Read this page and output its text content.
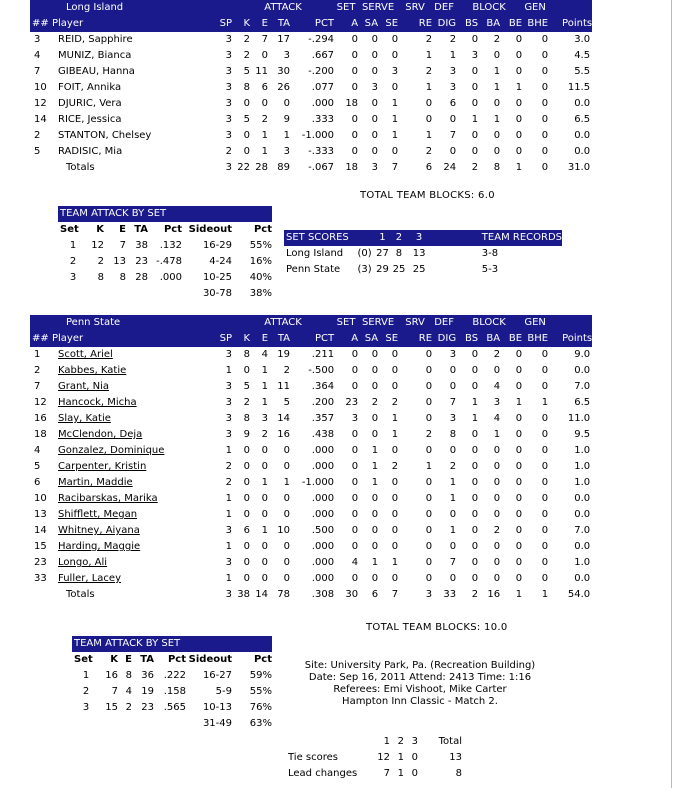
Long Island			ATTACK				SET	SERVE		SRV	DEF	BLOCK			GEN	
##	Player	SP	K	E	TA	PCT	A	SA	SE	RE	DIG	BS	BA	BE	BHE	Points
3	REID, Sapphire	3	2	7	17	-.294	0	0	0	2	2	0	2	0	0	3.0
4	MUNIZ, Bianca	3	2	0	3	.667	0	0	0	1	1	3	0	0	0	4.5
7	GIBEAU, Hanna	3	5	11	30	-.200	0	0	3	2	3	0	1	0	0	5.5
10	FOIT, Annika	3	8	6	26	.077	0	3	0	1	3	0	1	1	0	11.5
12	DJURIC, Vera	3	0	0	0	.000	18	0	1	0	6	0	0	0	0	0.0
14	RICE, Jessica	3	5	2	9	.333	0	0	1	0	0	1	1	0	0	6.5
2	STANTON, Chelsey	3	0	1	1	-1.000	0	0	1	1	7	0	0	0	0	0.0
5	RADISIC, Mia	2	0	1	3	-.333	0	0	0	2	0	0	0	0	0	0.0
	Totals	3	22	28	89	-.067	18	3	7	6	24	2	8	1	0	31.0
TOTAL TEAM BLOCKS: 6.0
TEAM ATTACK BY SET						
Set	K	E	TA	Pct	Sideout	Pct
1	12	7	38	.132	16-29	55%
2	2	13	23	-.478	4-24	16%
3	8	8	28	.000	10-25	40%
					30-78	38%
SET SCORES		1	2	3		TEAM RECORDS
Long Island	(0)	27	8	13		3-8
Penn State	(3)	29	25	25		5-3
Penn State			ATTACK				SET	SERVE		SRV	DEF	BLOCK			GEN	
##	Player	SP	K	E	TA	PCT	A	SA	SE	RE	DIG	BS	BA	BE	BHE	Points
1	Scott, Ariel	3	8	4	19	.211	0	0	0	0	3	0	2	0	0	9.0
2	Kabbes, Katie	1	0	1	2	-.500	0	0	0	0	0	0	0	0	0	0.0
7	Grant, Nia	3	5	1	11	.364	0	0	0	0	0	0	4	0	0	7.0
12	Hancock, Micha	3	2	1	5	.200	23	2	2	0	7	1	3	1	1	6.5
16	Slay, Katie	3	8	3	14	.357	3	0	1	0	3	1	4	0	0	11.0
18	McClendon, Deja	3	9	2	16	.438	0	0	1	2	8	0	1	0	0	9.5
4	Gonzalez, Dominique	1	0	0	0	.000	0	1	0	0	0	0	0	0	0	1.0
5	Carpenter, Kristin	2	0	0	0	.000	0	1	2	1	2	0	0	0	0	1.0
6	Martin, Maddie	2	0	1	1	-1.000	0	1	0	0	1	0	0	0	0	1.0
10	Racibarskas, Marika	1	0	0	0	.000	0	0	0	0	1	0	0	0	0	0.0
13	Shifflett, Megan	1	0	0	0	.000	0	0	0	0	0	0	0	0	0	0.0
14	Whitney, Aiyana	3	6	1	10	.500	0	0	0	0	1	0	2	0	0	7.0
15	Harding, Maggie	1	0	0	0	.000	0	0	0	0	0	0	0	0	0	0.0
23	Longo, Ali	3	0	0	0	.000	4	1	1	0	7	0	0	0	0	1.0
33	Fuller, Lacey	1	0	0	0	.000	0	0	0	0	0	0	0	0	0	0.0
	Totals	3	38	14	78	.308	30	6	7	3	33	2	16	1	1	54.0
TOTAL TEAM BLOCKS: 10.0
TEAM ATTACK BY SET						
Set	K	E	TA	Pct	Sideout	Pct
1	16	8	36	.222	16-27	59%
2	7	4	19	.158	5-9	55%
3	15	2	23	.565	10-13	76%
					31-49	63%
Site: University Park, Pa. (Recreation Building)
Date: Sep 16, 2011 Attend: 2413 Time: 1:16
Referees: Emi Vishoot, Mike Carter
Hampton Inn Classic - Match 2.
	1	2	3	Total
Tie scores	12	1	0	13
Lead changes	7	1	0	8
